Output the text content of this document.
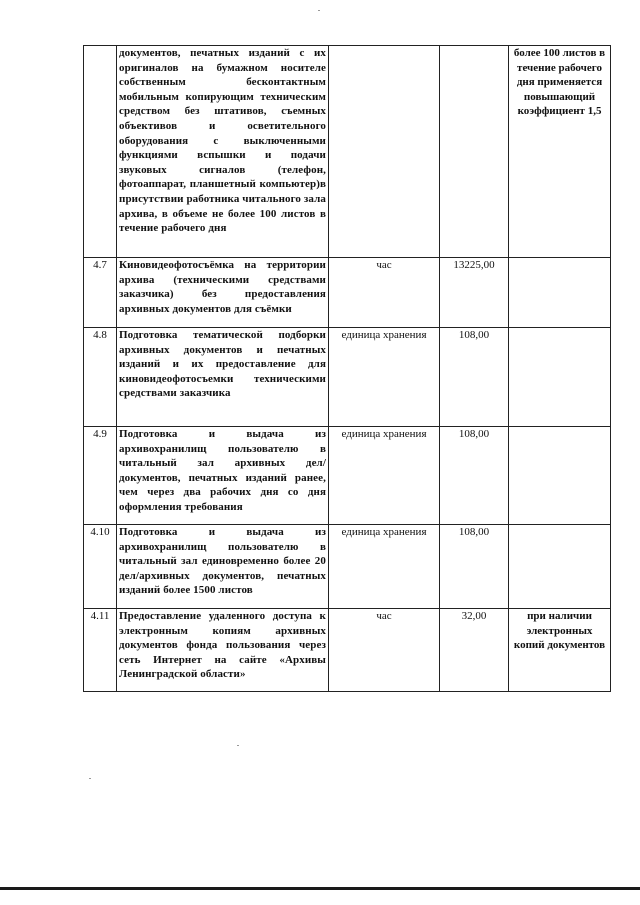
	документов, печатных изданий с их оригиналов на бумажном носителе собственным бесконтактным мобильным копирующим техническим средством без штативов, съемных объективов и осветительного оборудования с выключенными функциями вспышки и подачи звуковых сигналов (телефон, фотоаппарат, планшетный компьютер)в присутствии работника читального зала архива, в объеме не более 100 листов в течение рабочего дня			более 100 листов в течение рабочего дня применяется повышающий коэффициент 1,5
4.7	Киновидеофотосъёмка на территории архива (техническими средствами заказчика) без предоставления архивных документов для съёмки	час	13225,00	
4.8	Подготовка тематической подборки архивных документов и печатных изданий и их предоставление для киновидеофотосъемки техническими средствами заказчика	единица хранения	108,00	
4.9	Подготовка и выдача из архивохранилищ пользователю в читальный зал архивных дел/документов, печатных изданий ранее, чем через два рабочих дня со дня оформления требования	единица хранения	108,00	
4.10	Подготовка и выдача из архивохранилищ пользователю в читальный зал единовременно более 20 дел/архивных документов, печатных изданий более 1500 листов	единица хранения	108,00	
4.11	Предоставление удаленного доступа к электронным копиям архивных документов фонда пользования через сеть Интернет на сайте «Архивы Ленинградской области»	час	32,00	при наличии электронных копий документов
